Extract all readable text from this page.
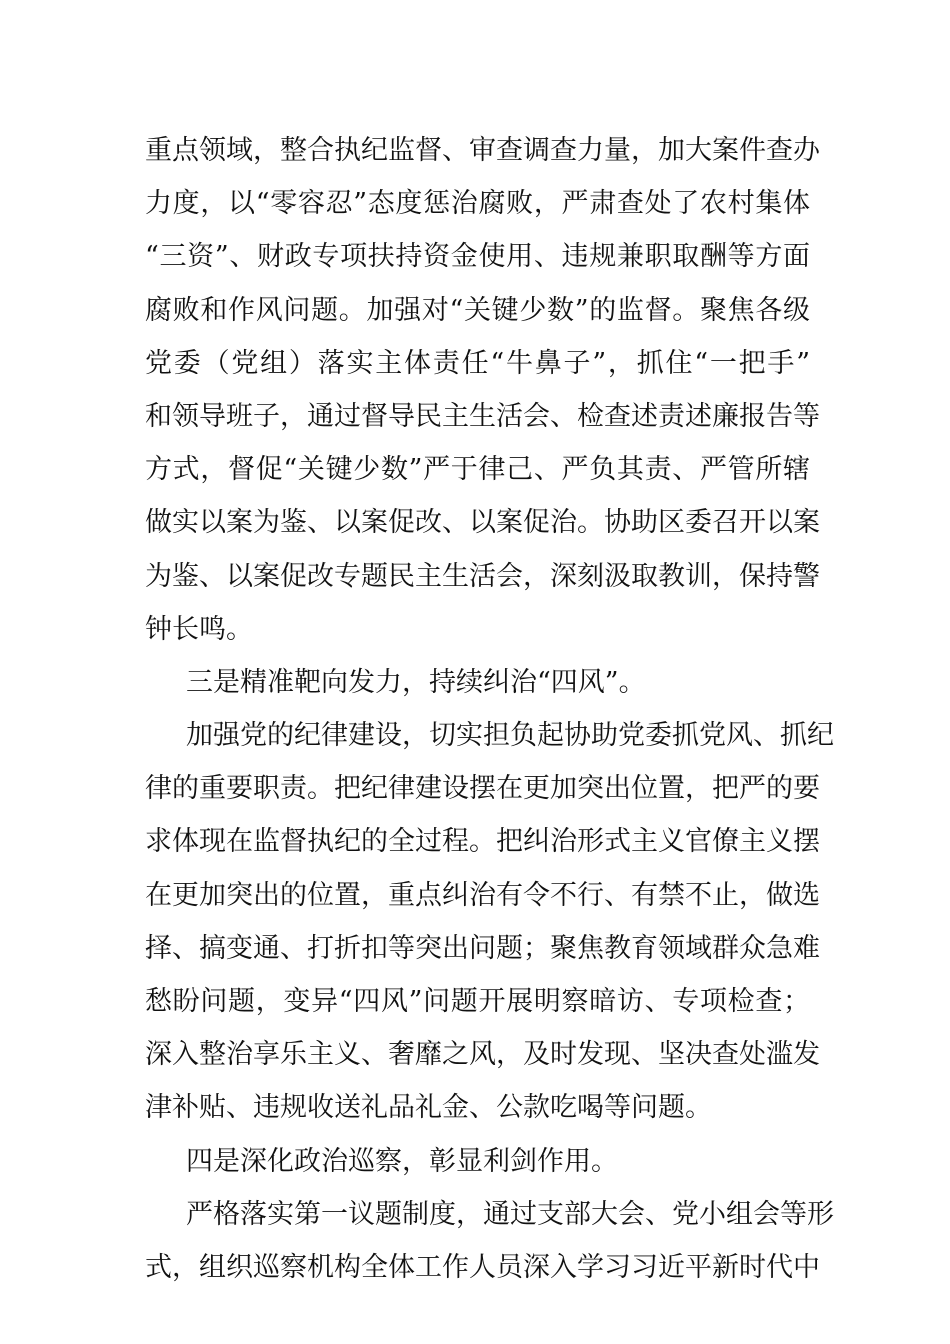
重点领域，整合执纪监督、审查调查力量，加大案件查办
力度，以“零容忍”态度惩治腐败，严肃查处了农村集体
“三资”、财政专项扶持资金使用、违规兼职取酬等方面
腐败和作风问题。加强对“关键少数”的监督。聚焦各级
党委（党组）落实主体责任“牛鼻子”，抓住“一把手”
和领导班子，通过督导民主生活会、检查述责述廉报告等
方式，督促“关键少数”严于律己、严负其责、严管所辖
做实以案为鉴、以案促改、以案促治。协助区委召开以案
为鉴、以案促改专题民主生活会，深刻汲取教训，保持警
钟长鸣。
三是精准靶向发力，持续纠治“四风”。
加强党的纪律建设，切实担负起协助党委抓党风、抓纪
律的重要职责。把纪律建设摆在更加突出位置，把严的要
求体现在监督执纪的全过程。把纠治形式主义官僚主义摆
在更加突出的位置，重点纠治有令不行、有禁不止，做选
择、搞变通、打折扣等突出问题；聚焦教育领域群众急难
愁盼问题，变异“四风”问题开展明察暗访、专项检查；
深入整治享乐主义、奢靡之风，及时发现、坚决查处滥发
津补贴、违规收送礼品礼金、公款吃喝等问题。
四是深化政治巡察，彰显利剑作用。
严格落实第一议题制度，通过支部大会、党小组会等形
式，组织巡察机构全体工作人员深入学习习近平新时代中
